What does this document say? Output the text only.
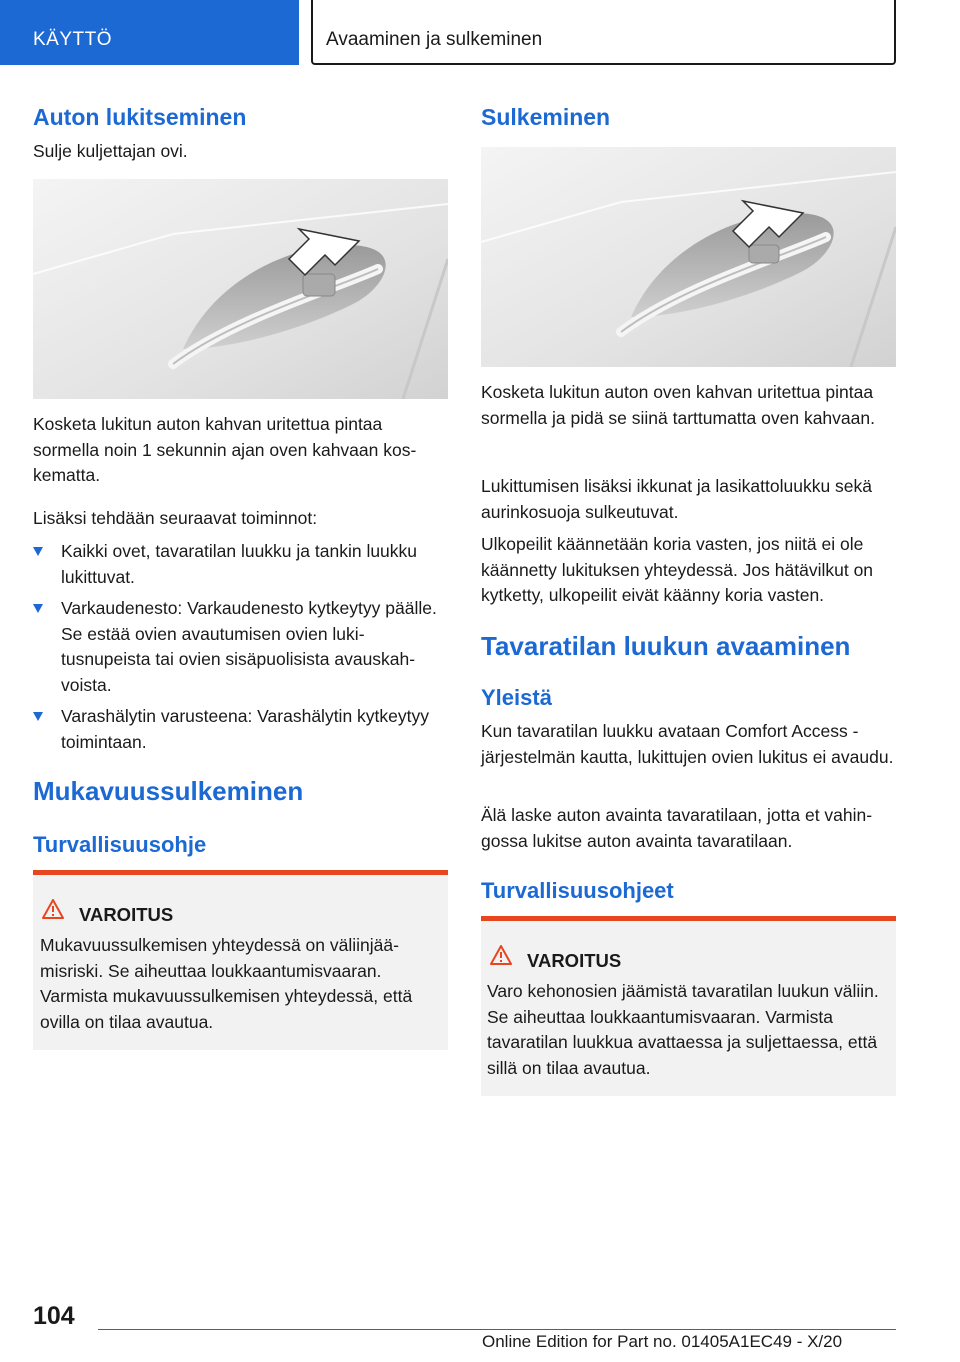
KÄYTTÖ	Avaaminen ja sulkeminen
Auton lukitseminen
Sulje kuljettajan ovi.
Kosketa lukitun auton kahvan uritettua pintaa sormella noin 1 sekunnin ajan oven kahvaan koskematta.
Lisäksi tehdään seuraavat toiminnot:
Kaikki ovet, tavaratilan luukku ja tankin luukku lukittuvat.
Varkaudenesto: Varkaudenesto kytkeytyy päälle. Se estää ovien avautumisen ovien lukitusnupeista tai ovien sisäpuolisista avauskahvoista.
Varashälytin varusteena: Varashälytin kytkeytyy toimintaan.
Mukavuussulkeminen
Turvallisuusohje
VAROITUS
Mukavuussulkemisen yhteydessä on väliinjäämisriski. Se aiheuttaa loukkaantumisvaaran. Varmista mukavuussulkemisen yhteydessä, että ovilla on tilaa avautua.
Sulkeminen
Kosketa lukitun auton oven kahvan uritettua pintaa sormella ja pidä se siinä tarttumatta oven kahvaan.
Lukittumisen lisäksi ikkunat ja lasikattoluukku sekä aurinkosuoja sulkeutuvat.
Ulkopeilit käännetään koria vasten, jos niitä ei ole käännetty lukituksen yhteydessä. Jos hätävilkut on kytketty, ulkopeilit eivät käänny koria vasten.
Tavaratilan luukun avaaminen
Yleistä
Kun tavaratilan luukku avataan Comfort Access -järjestelmän kautta, lukittujen ovien lukitus ei avaudu.
Älä laske auton avainta tavaratilaan, jotta et vahingossa lukitse auton avainta tavaratilaan.
Turvallisuusohjeet
VAROITUS
Varo kehonosien jäämistä tavaratilan luukun väliin. Se aiheuttaa loukkaantumisvaaran. Varmista tavaratilan luukkua avattaessa ja suljettaessa, että sillä on tilaa avautua.
104
Online Edition for Part no. 01405A1EC49 - X/20
